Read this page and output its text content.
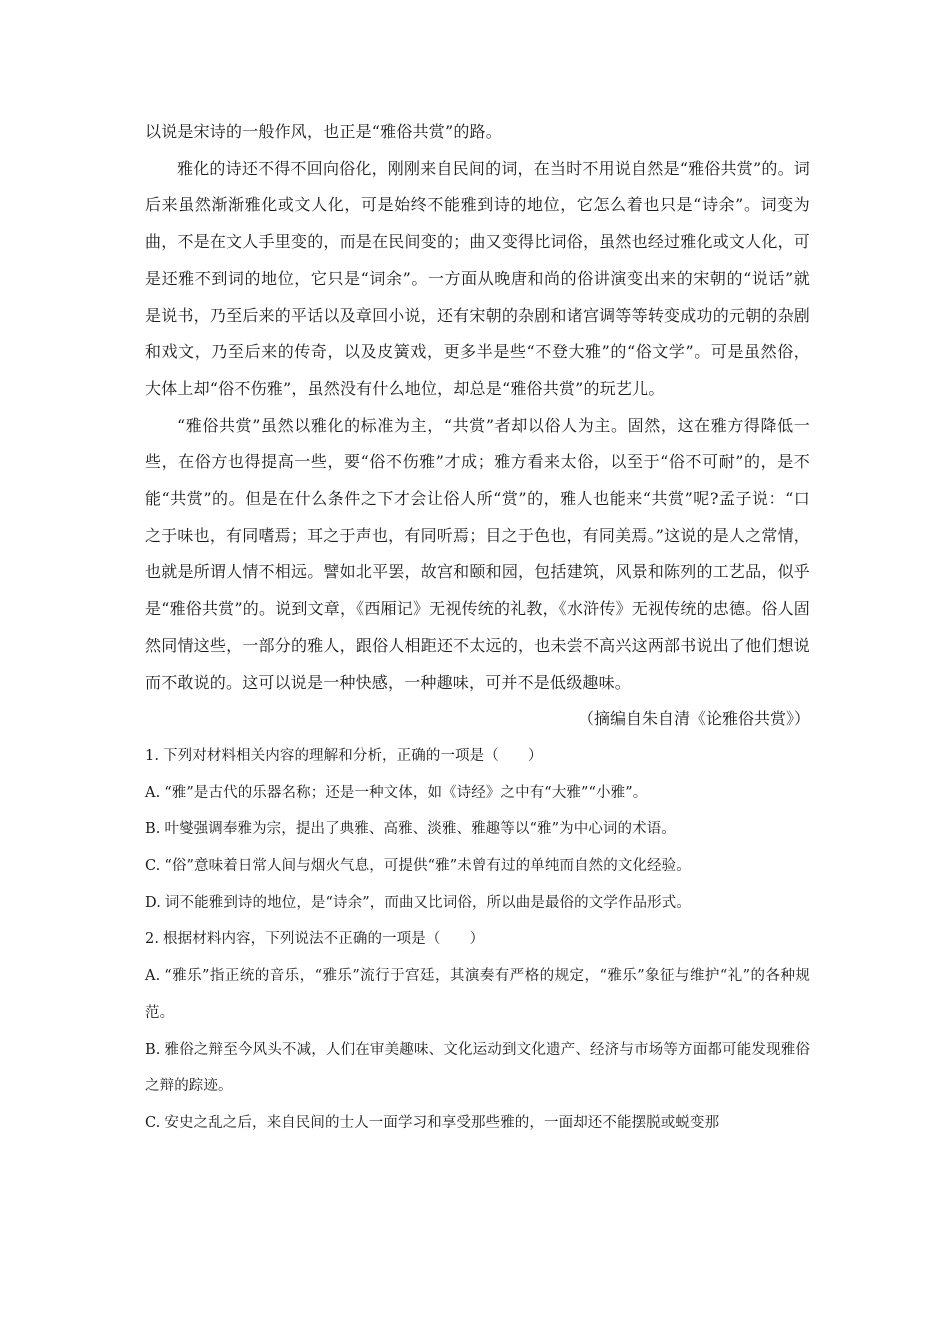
以说是宋诗的一般作风，也正是“雅俗共赏”的路。

雅化的诗还不得不回向俗化，刚刚来自民间的词，在当时不用说自然是“雅俗共赏”的。词后来虽然渐渐雅化或文人化，可是始终不能雅到诗的地位，它怎么着也只是“诗余”。词变为曲，不是在文人手里变的，而是在民间变的；曲又变得比词俗，虽然也经过雅化或文人化，可是还雅不到词的地位，它只是“词余”。一方面从晚唐和尚的俗讲演变出来的宋朝的“说话”就是说书，乃至后来的平话以及章回小说，还有宋朝的杂剧和诸宫调等等转变成功的元朝的杂剧和戏文，乃至后来的传奇，以及皮簧戏，更多半是些“不登大雅”的“俗文学”。可是虽然俗，大体上却“俗不伤雅”，虽然没有什么地位，却总是“雅俗共赏”的玩艺儿。

“雅俗共赏”虽然以雅化的标准为主，“共赏”者却以俗人为主。固然，这在雅方得降低一些，在俗方也得提高一些，要“俗不伤雅”才成；雅方看来太俗，以至于“俗不可耐”的，是不能“共赏”的。但是在什么条件之下才会让俗人所“赏”的，雅人也能来“共赏”呢?孟子说：“口之于味也，有同嗜焉；耳之于声也，有同听焉；目之于色也，有同美焉。”这说的是人之常情，也就是所谓人情不相远。譬如北平罢，故宫和颐和园，包括建筑，风景和陈列的工艺品，似乎是“雅俗共赏”的。说到文章，《西厢记》无视传统的礼教，《水浒传》无视传统的忠德。俗人固然同情这些，一部分的雅人，跟俗人相距还不太远的，也未尝不高兴这两部书说出了他们想说而不敢说的。这可以说是一种快感，一种趣味，可并不是低级趣味。

（摘编自朱自清《论雅俗共赏》）

1. 下列对材料相关内容的理解和分析，正确的一项是（　　）

A. “雅”是古代的乐器名称；还是一种文体，如《诗经》之中有“大雅”“小雅”。

B. 叶燮强调奉雅为宗，提出了典雅、高雅、淡雅、雅趣等以“雅”为中心词的术语。

C. “俗”意味着日常人间与烟火气息，可提供“雅”未曾有过的单纯而自然的文化经验。

D. 词不能雅到诗的地位，是“诗余”，而曲又比词俗，所以曲是最俗的文学作品形式。

2. 根据材料内容，下列说法不正确的一项是（　　）

A. “雅乐”指正统的音乐，“雅乐”流行于宫廷，其演奏有严格的规定，“雅乐”象征与维护“礼”的各种规范。

B. 雅俗之辩至今风头不减，人们在审美趣味、文化运动到文化遗产、经济与市场等方面都可能发现雅俗之辩的踪迹。

C. 安史之乱之后，来自民间的士人一面学习和享受那些雅的，一面却还不能摆脱或蜕变那
